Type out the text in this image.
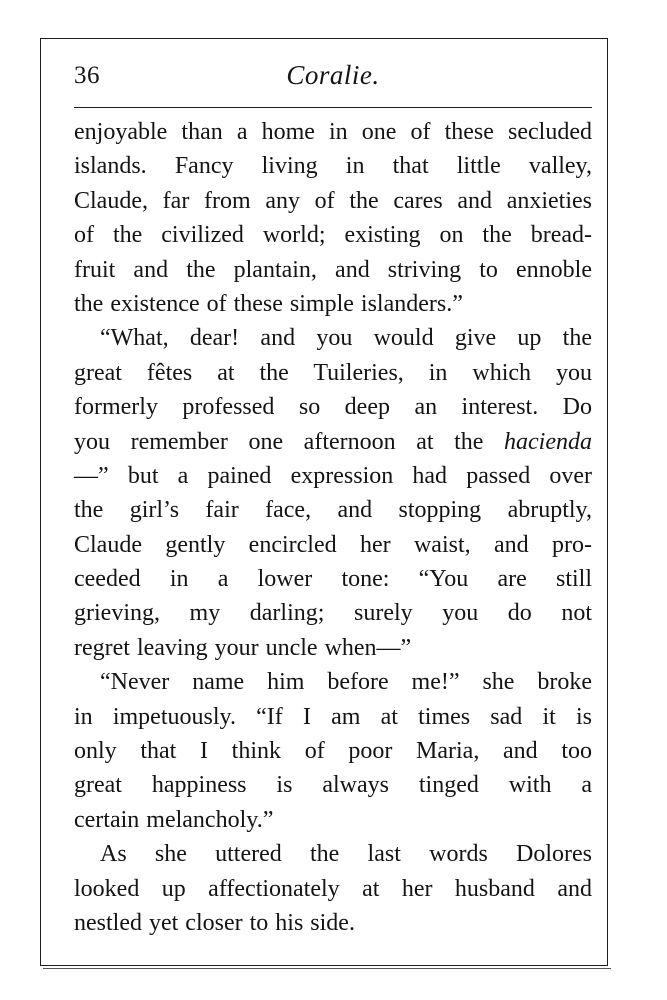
36	Coralie.
enjoyable than a home in one of these secluded
islands. Fancy living in that little valley,
Claude, far from any of the cares and anxieties
of the civilized world; existing on the bread-
fruit and the plantain, and striving to ennoble
the existence of these simple islanders.”
“What, dear! and you would give up the
great fêtes at the Tuileries, in which you
formerly professed so deep an interest. Do
you remember one afternoon at the hacienda
—” but a pained expression had passed over
the girl’s fair face, and stopping abruptly,
Claude gently encircled her waist, and pro-
ceeded in a lower tone: “You are still
grieving, my darling; surely you do not
regret leaving your uncle when—”
“Never name him before me!” she broke
in impetuously. “If I am at times sad it is
only that I think of poor Maria, and too
great happiness is always tinged with a
certain melancholy.”
As she uttered the last words Dolores
looked up affectionately at her husband and
nestled yet closer to his side.
